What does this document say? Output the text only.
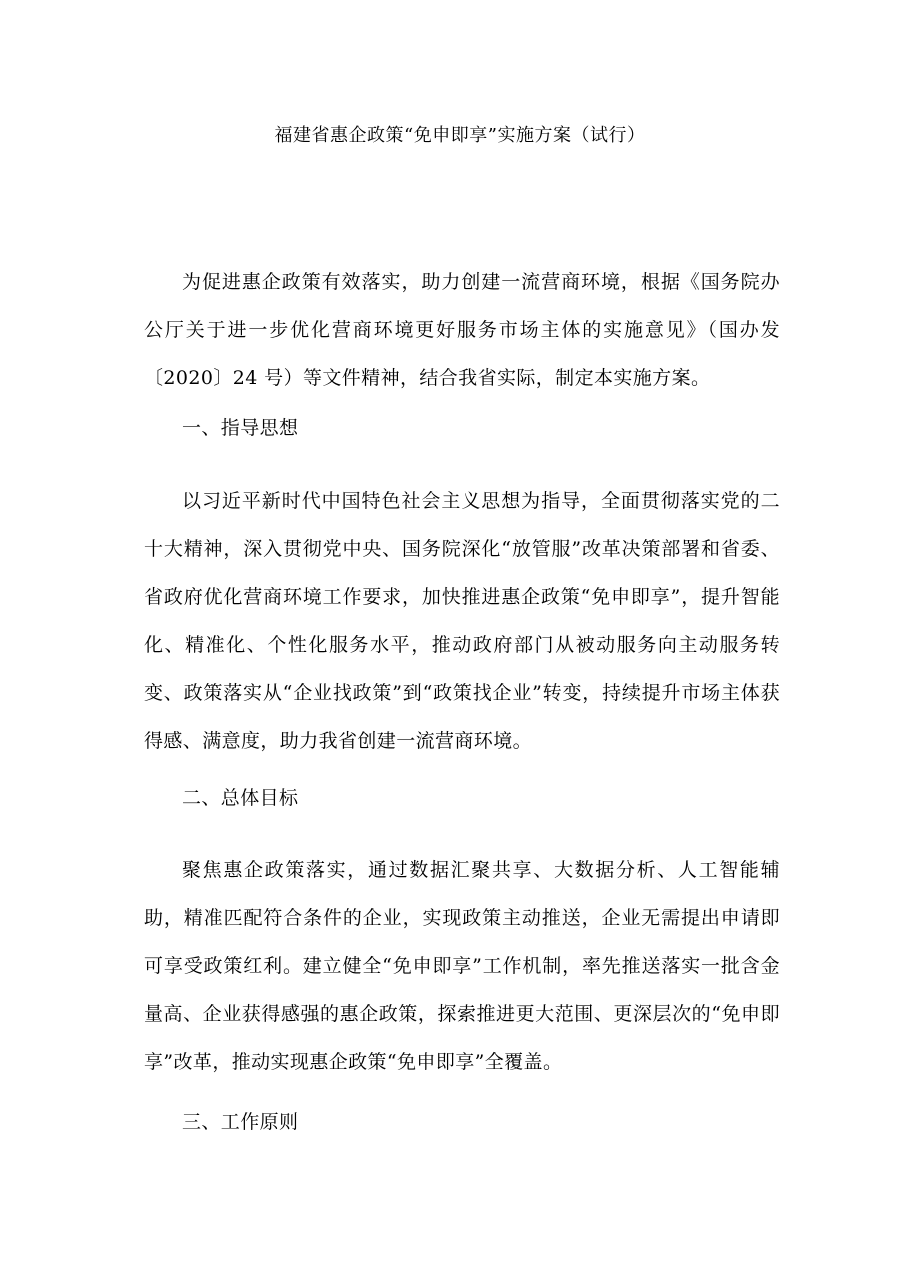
福建省惠企政策“免申即享”实施方案（试行）

为促进惠企政策有效落实，助力创建一流营商环境，根据《国务院办公厅关于进一步优化营商环境更好服务市场主体的实施意见》（国办发〔2020〕24 号）等文件精神，结合我省实际，制定本实施方案。

一、指导思想

以习近平新时代中国特色社会主义思想为指导，全面贯彻落实党的二十大精神，深入贯彻党中央、国务院深化“放管服”改革决策部署和省委、省政府优化营商环境工作要求，加快推进惠企政策“免申即享”，提升智能化、精准化、个性化服务水平，推动政府部门从被动服务向主动服务转变、政策落实从“企业找政策”到“政策找企业”转变，持续提升市场主体获得感、满意度，助力我省创建一流营商环境。

二、总体目标

聚焦惠企政策落实，通过数据汇聚共享、大数据分析、人工智能辅助，精准匹配符合条件的企业，实现政策主动推送，企业无需提出申请即可享受政策红利。建立健全“免申即享”工作机制，率先推送落实一批含金量高、企业获得感强的惠企政策，探索推进更大范围、更深层次的“免申即享”改革，推动实现惠企政策“免申即享”全覆盖。

三、工作原则
